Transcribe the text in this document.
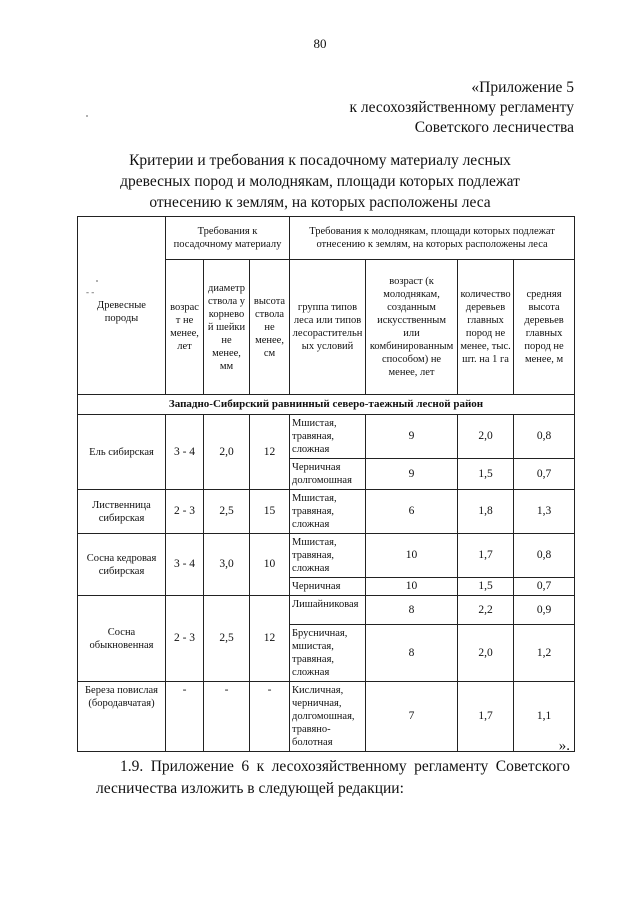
80
«Приложение 5
к лесохозяйственному регламенту
Советского лесничества
Критерии и требования к посадочному материалу лесных древесных пород и молоднякам, площади которых подлежат отнесению к землям, на которых расположены леса
- -
Древесные породы	Требования к посадочному материалу			Требования к молоднякам, площади которых подлежат отнесению к землям, на которых расположены леса			
	возраст не менее, лет	диаметр ствола у корневой шейки не менее, мм	высота ствола не менее, см	группа типов леса или типов лесорастительных условий	возраст (к молоднякам, созданным искусственным или комбинированным способом) не менее, лет	количество деревьев главных пород не менее, тыс. шт. на 1 га	средняя высота деревьев главных пород не менее, м
Западно-Сибирский равнинный северо-таежный лесной район							
Ель сибирская	3 - 4	2,0	12	Мшистая, травяная, сложная	9	2,0	0,8
				Черничная долгомошная	9	1,5	0,7
Лиственница сибирская	2 - 3	2,5	15	Мшистая, травяная, сложная	6	1,8	1,3
Сосна кедровая сибирская	3 - 4	3,0	10	Мшистая, травяная, сложная	10	1,7	0,8
				Черничная	10	1,5	0,7
Сосна обыкновенная	2 - 3	2,5	12	Лишайниковая	8	2,2	0,9
				Брусничная, мшистая, травяная, сложная	8	2,0	1,2
Береза повислая (бородавчатая)	-	-	-	Кисличная, черничная, долгомошная, травяно-болотная	7	1,7	1,1
».
1.9. Приложение 6 к лесохозяйственному регламенту Советского лесничества изложить в следующей редакции:
